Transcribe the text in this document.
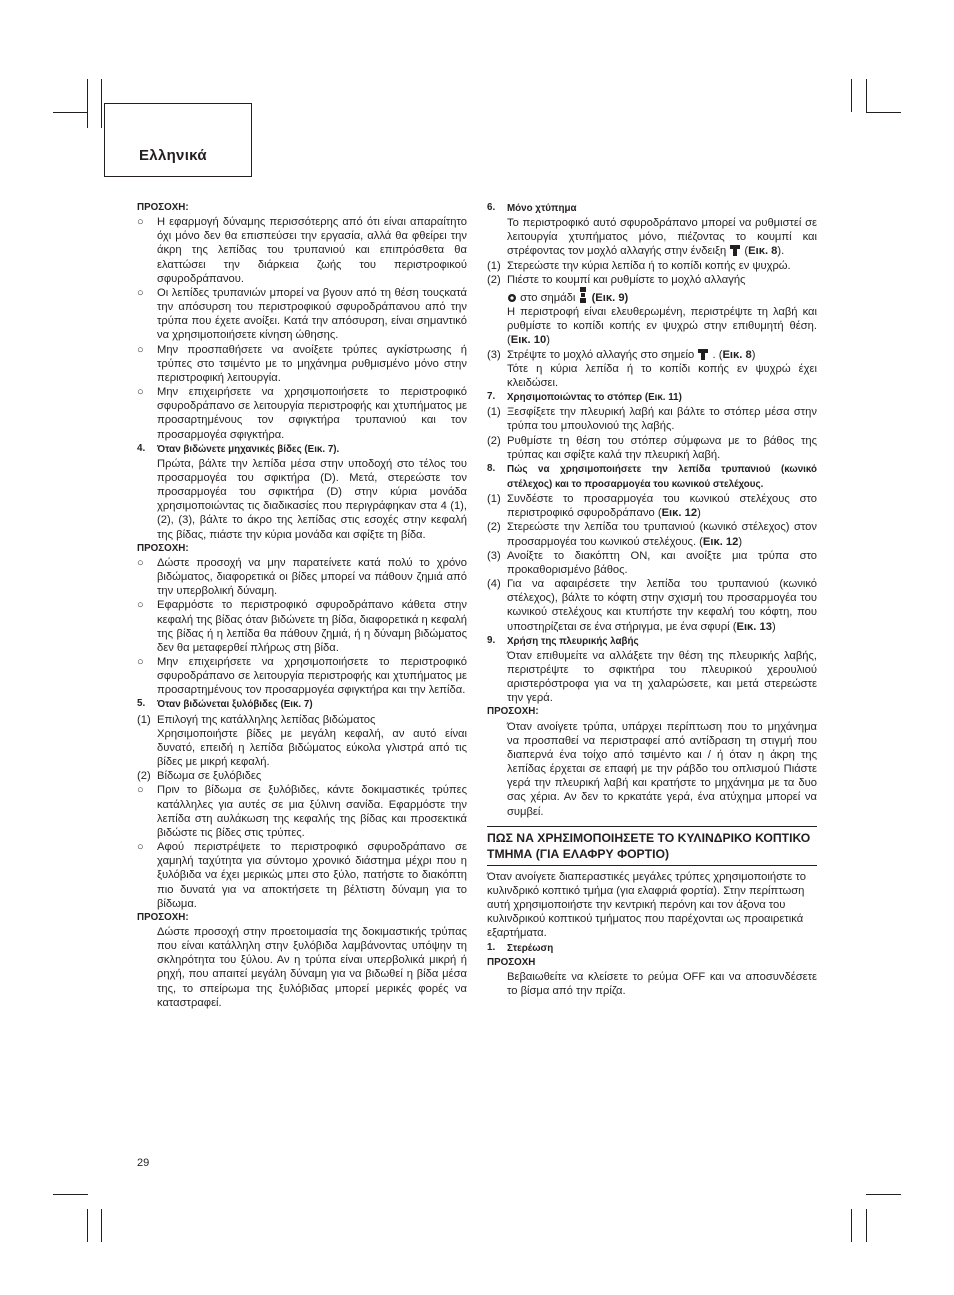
Ελληνικά

ΠΡΟΣΟΧΗ:

○ Η εφαρμογή δύναμης περισσότερης από ότι είναι απαραίτητο όχι μόνο δεν θα επισπεύσει την εργασία, αλλά θα φθείρει την άκρη της λεπίδας του τρυπανιού και επιπρόσθετα θα ελαττώσει την διάρκεια ζωής του περιστροφικού σφυροδράπανου.

○ Οι λεπίδες τρυπανιών μπορεί να βγουν από τη θέση τουςκατά την απόσυρση του περιστροφικού σφυροδράπανου από την τρύπα που έχετε ανοίξει. Κατά την απόσυρση, είναι σημαντικό να χρησιμοποιήσετε κίνηση ώθησης.

○ Μην προσπαθήσετε να ανοίξετε τρύπες αγκίστρωσης ή τρύπες στο τσιμέντο με το μηχάνημα ρυθμισμένο μόνο στην περιστροφική λειτουργία.

○ Μην επιχειρήσετε να χρησιμοποιήσετε το περιστροφικό σφυροδράπανο σε λειτουργία περιστροφής και χτυπήματος με προσαρτημένους τον σφιγκτήρα τρυπανιού και τον προσαρμογέα σφιγκτήρα.

4. Όταν βιδώνετε μηχανικές βίδες (Εικ. 7).

Πρώτα, βάλτε την λεπίδα μέσα στην υποδοχή στο τέλος του προσαρμογέα του σφικτήρα (D). Μετά, στερεώστε τον προσαρμογέα του σφικτήρα (D) στην κύρια μονάδα χρησιμοποιώντας τις διαδικασίες που περιγράφηκαν στα 4 (1), (2), (3), βάλτε το άκρο της λεπίδας στις εσοχές στην κεφαλή της βίδας, πιάστε την κύρια μονάδα και σφίξτε τη βίδα.

ΠΡΟΣΟΧΗ:

○ Δώστε προσοχή να μην παρατείνετε κατά πολύ το χρόνο βιδώματος, διαφορετικά οι βίδες μπορεί να πάθουν ζημιά από την υπερβολική δύναμη.

○ Εφαρμόστε το περιστροφικό σφυροδράπανο κάθετα στην κεφαλή της βίδας όταν βιδώνετε τη βίδα, διαφορετικά η κεφαλή της βίδας ή η λεπίδα θα πάθουν ζημιά, ή η δύναμη βιδώματος δεν θα μεταφερθεί πλήρως στη βίδα.

○ Μην επιχειρήσετε να χρησιμοποιήσετε το περιστροφικό σφυροδράπανο σε λειτουργία περιστροφής και χτυπήματος με προσαρτημένους τον προσαρμογέα σφιγκτήρα και την λεπίδα.

5. Όταν βιδώνεται ξυλόβιδες (Εικ. 7)

(1) Επιλογή της κατάλληλης λεπίδας βιδώματος

Χρησιμοποιήστε βίδες με μεγάλη κεφαλή, αν αυτό είναι δυνατό, επειδή η λεπίδα βιδώματος εύκολα γλιστρά από τις βίδες με μικρή κεφαλή.

(2) Βίδωμα σε ξυλόβιδες

○ Πριν το βίδωμα σε ξυλόβιδες, κάντε δοκιμαστικές τρύπες κατάλληλες για αυτές σε μια ξύλινη σανίδα. Εφαρμόστε την λεπίδα στη αυλάκωση της κεφαλής της βίδας και προσεκτικά βιδώστε τις βίδες στις τρύπες.

○ Αφού περιστρέψετε το περιστροφικό σφυροδράπανο σε χαμηλή ταχύτητα για σύντομο χρονικό διάστημα μέχρι που η ξυλόβιδα να έχει μερικώς μπει στο ξύλο, πατήστε το διακόπτη πιο δυνατά για να αποκτήσετε τη βέλτιστη δύναμη για το βίδωμα.

ΠΡΟΣΟΧΗ:

Δώστε προσοχή στην προετοιμασία της δοκιμαστικής τρύπας που είναι κατάλληλη στην ξυλόβιδα λαμβάνοντας υπόψην τη σκληρότητα του ξύλου. Αν η τρύπα είναι υπερβολικά μικρή ή ρηχή, που απαιτεί μεγάλη δύναμη για να βιδωθεί η βίδα μέσα της, το σπείρωμα της ξυλόβιδας μπορεί μερικές φορές να καταστραφεί.

6. Μόνο χτύπημα

Το περιστροφικό αυτό σφυροδράπανο μπορεί να ρυθμιστεί σε λειτουργία χτυπήματος μόνο, πιέζοντας το κουμπί και στρέφοντας τον μοχλό αλλαγής στην ένδειξη (Εικ. 8).

(1) Στερεώστε την κύρια λεπίδα ή το κοπίδι κοπής εν ψυχρώ.

(2) Πιέστε το κουμπί και ρυθμίστε το μοχλό αλλαγής
στο σημάδι (Εικ. 9)
Η περιστροφή είναι ελευθερωμένη, περιστρέψτε τη λαβή και ρυθμίστε το κοπίδι κοπής εν ψυχρώ στην επιθυμητή θέση. (Εικ. 10)

(3) Στρέψτε το μοχλό αλλαγής στο σημείο . (Εικ. 8)
Τότε η κύρια λεπίδα ή το κοπίδι κοπής εν ψυχρώ έχει κλειδώσει.

7. Χρησιμοποιώντας το στόπερ (Εικ. 11)

(1) Ξεσφίξετε την πλευρική λαβή και βάλτε το στόπερ μέσα στην τρύπα του μπουλονιού της λαβής.

(2) Ρυθμίστε τη θέση του στόπερ σύμφωνα με το βάθος της τρύπας και σφίξτε καλά την πλευρική λαβή.

8. Πώς να χρησιμοποιήσετε την λεπίδα τρυπανιού (κωνικό στέλεχος) και το προσαρμογέα του κωνικού στελέχους.

(1) Συνδέστε το προσαρμογέα του κωνικού στελέχους στο περιστροφικό σφυροδράπανο (Εικ. 12)

(2) Στερεώστε την λεπίδα του τρυπανιού (κωνικό στέλεχος) στον προσαρμογέα του κωνικού στελέχους. (Εικ. 12)

(3) Ανοίξτε το διακόπτη ΟΝ, και ανοίξτε μια τρύπα στο προκαθορισμένο βάθος.

(4) Για να αφαιρέσετε την λεπίδα του τρυπανιού (κωνικό στέλεχος), βάλτε το κόφτη στην σχισμή του προσαρμογέα του κωνικού στελέχους και κτυπήστε την κεφαλή του κόφτη, που υποστηρίζεται σε ένα στήριγμα, με ένα σφυρί (Εικ. 13)

9. Χρήση της πλευρικής λαβής

Όταν επιθυμείτε να αλλάξετε την θέση της πλευρικής λαβής, περιστρέψτε το σφικτήρα του πλευρικού χερουλιού αριστερόστροφα για να τη χαλαρώσετε, και μετά στερεώστε την γερά.

ΠΡΟΣΟΧΗ:

Όταν ανοίγετε τρύπα, υπάρχει περίπτωση που το μηχάνημα να προσπαθεί να περιστραφεί από αντίδραση τη στιγμή που διαπερνά ένα τοίχο από τσιμέντο και / ή όταν η άκρη της λεπίδας έρχεται σε επαφή με την ράβδο του οπλισμού Πιάστε γερά την πλευρική λαβή και κρατήστε το μηχάνημα με τα δυο σας χέρια. Αν δεν το κρκατάτε γερά, ένα ατύχημα μπορεί να συμβεί.

ΠΩΣ ΝΑ ΧΡΗΣΙΜΟΠΟΙΗΣΕΤΕ ΤΟ ΚΥΛΙΝΔΡΙΚΟ ΚΟΠΤΙΚΟ ΤΜΗΜΑ (ΓΙΑ ΕΛΑΦΡΥ ΦΟΡΤΙΟ)

Όταν ανοίγετε διαπεραστικές μεγάλες τρύπες χρησιμοποιήστε το κυλινδρικό κοπτικό τμήμα (για ελαφριά φορτία). Στην περίπτωση αυτή χρησιμοποιήστε την κεντρική περόνη και τον άξονα του κυλινδρικού κοπτικού τμήματος που παρέχονται ως προαιρετικά εξαρτήματα.

1. Στερέωση

ΠΡΟΣΟΧΗ

Βεβαιωθείτε να κλείσετε το ρεύμα OFF και να αποσυνδέσετε το βίσμα από την πρίζα.

29
